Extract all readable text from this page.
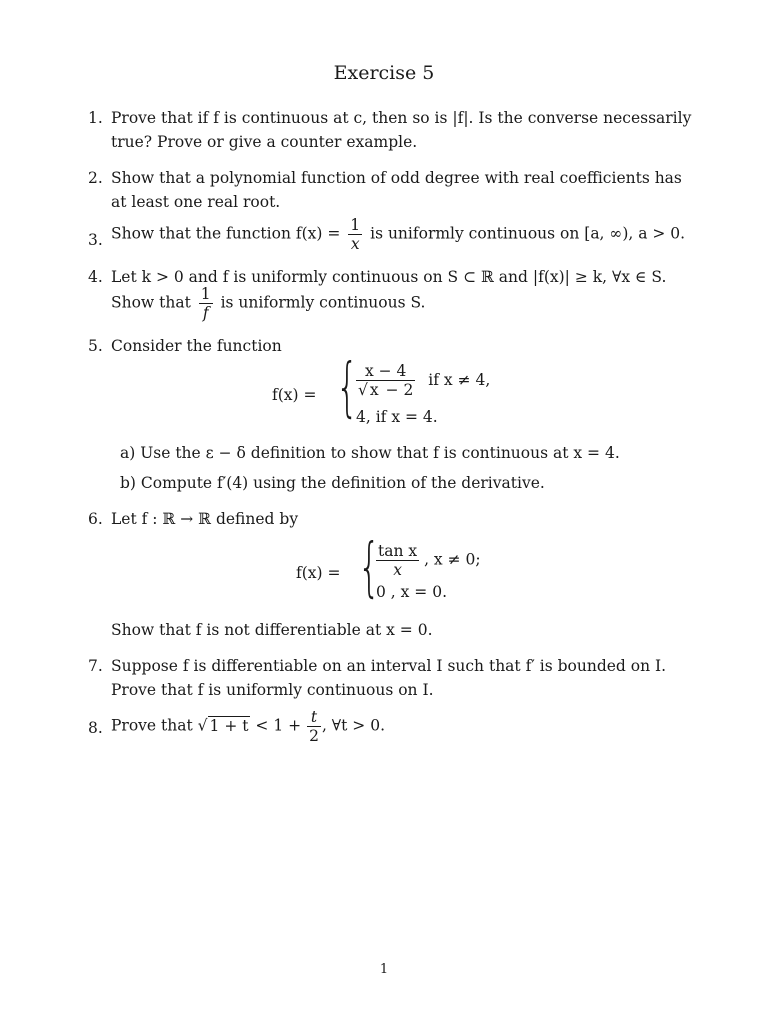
Exercise 5
1. Prove that if f is continuous at c, then so is |f|. Is the converse necessarily
true? Prove or give a counter example.
2. Show that a polynomial function of odd degree with real coefficients has
at least one real root.
3. Show that the function $f(x) = \frac{1}{x}$ is uniformly continuous on [a, ∞), a > 0.
4. Let k > 0 and f is uniformly continuous on S ⊂ ℝ and |f(x)| ≥ k, ∀x ∈ S.
Show that $\frac{1}{f}$ is uniformly continuous S.
5. Consider the function
f(x) = {
$\frac{x - 4}{√ x - 2}$ if x ≠ 4,
4, if x = 4.
a) Use the ε − δ definition to show that f is continuous at x = 4.
b) Compute f′(4) using the definition of the derivative.
6. Let f : ℝ → ℝ defined by
f(x) = {
$\frac{\text{tan x}}{x}$ , x ≠ 0;
0 , x = 0.
Show that f is not differentiable at x = 0.
7. Suppose f is differentiable on an interval I such that f′ is bounded on I.
Prove that f is uniformly continuous on I.
8. Prove that √ $1 + t < 1 + \frac{t}{2}$ , ∀t > 0.
1
